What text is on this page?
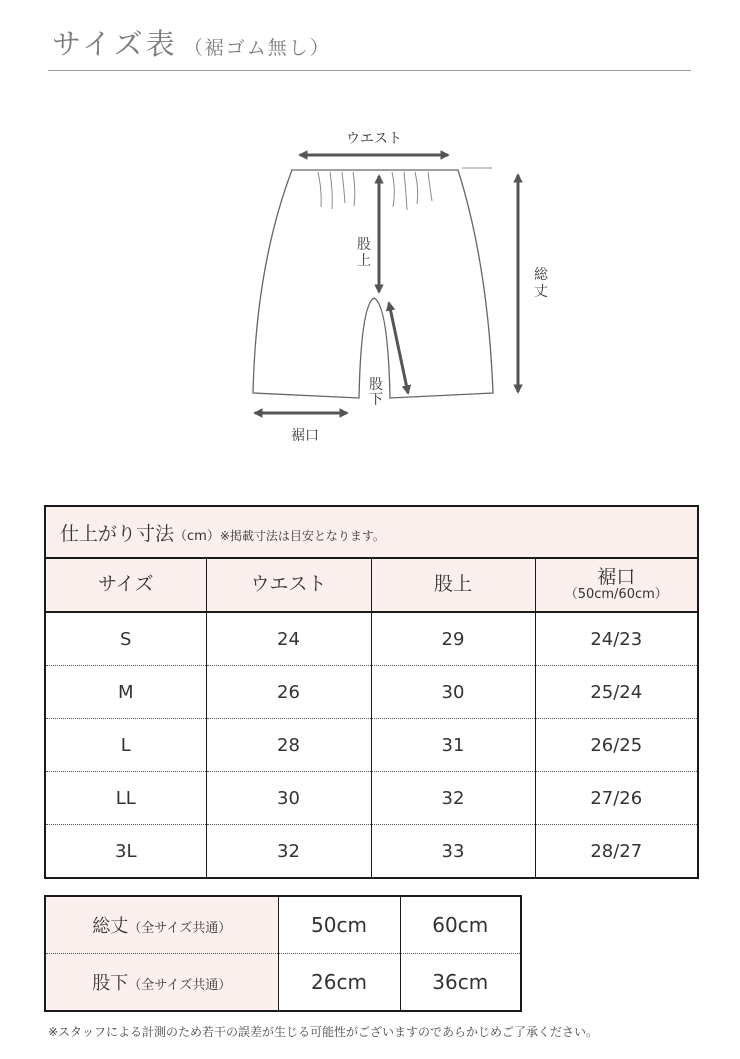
サイズ表 （裾ゴム無し）
ウエスト
股
上
総
丈
股
下
裾口
仕上がり寸法（cm）※掲載寸法は目安となります。			
サイズ	ウエスト	股上	裾口
（50cm/60cm）

S	24	29	24/23
M	26	30	25/24
L	28	31	26/25
LL	30	32	27/26
3L	32	33	28/27
総丈（全サイズ共通）	50cm	60cm
股下（全サイズ共通）	26cm	36cm
※スタッフによる計測のため若干の誤差が生じる可能性がございますのであらかじめご了承ください。
